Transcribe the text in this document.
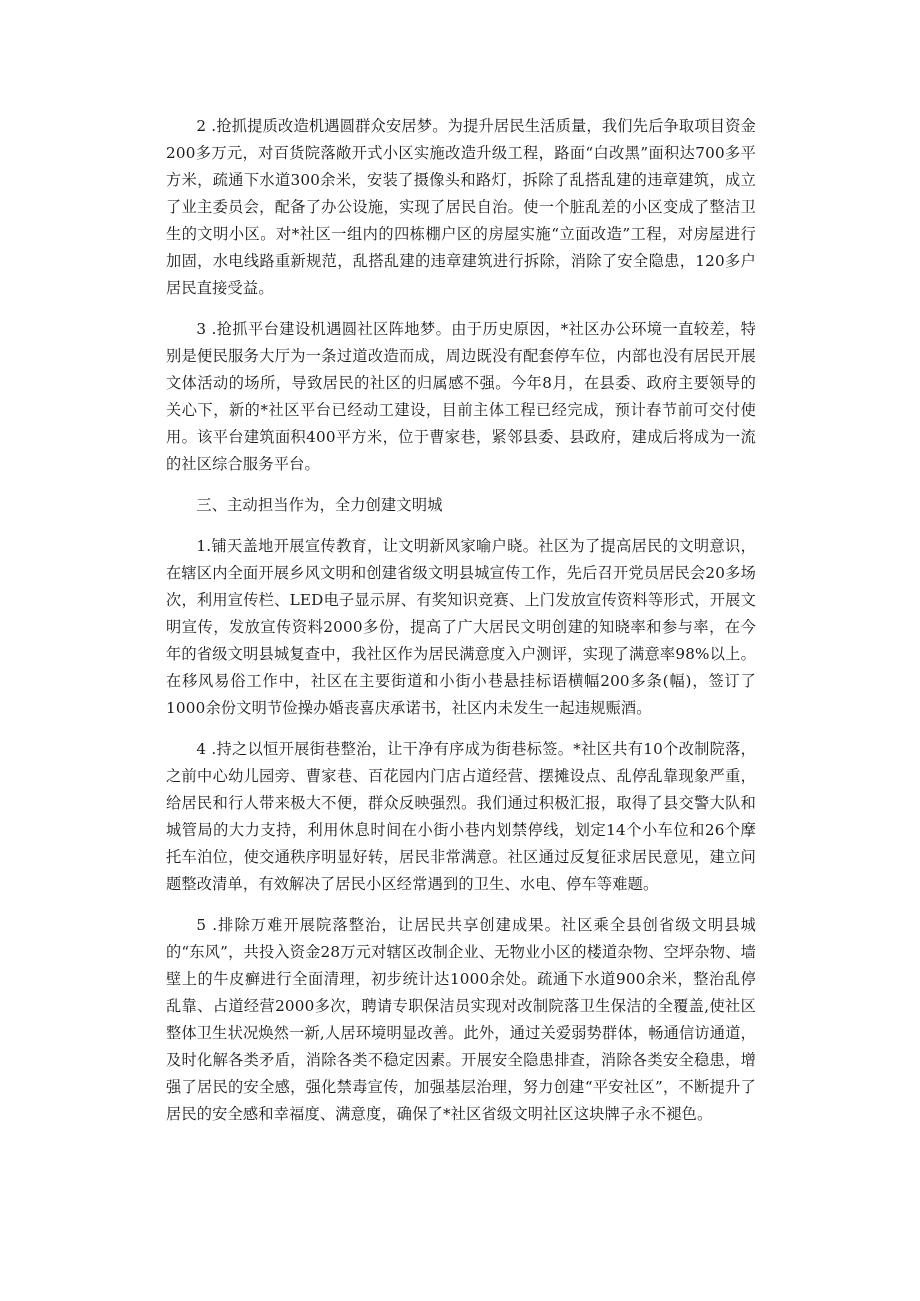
2 .抢抓提质改造机遇圆群众安居梦。为提升居民生活质量，我们先后争取项目资金200多万元，对百货院落敞开式小区实施改造升级工程，路面“白改黑”面积达700多平方米，疏通下水道300余米，安装了摄像头和路灯，拆除了乱搭乱建的违章建筑，成立了业主委员会，配备了办公设施，实现了居民自治。使一个脏乱差的小区变成了整洁卫生的文明小区。对*社区一组内的四栋棚户区的房屋实施“立面改造”工程，对房屋进行加固，水电线路重新规范，乱搭乱建的违章建筑进行拆除，消除了安全隐患，120多户居民直接受益。

3 .抢抓平台建设机遇圆社区阵地梦。由于历史原因，*社区办公环境一直较差，特别是便民服务大厅为一条过道改造而成，周边既没有配套停车位，内部也没有居民开展文体活动的场所，导致居民的社区的归属感不强。今年8月，在县委、政府主要领导的关心下，新的*社区平台已经动工建设，目前主体工程已经完成，预计春节前可交付使用。该平台建筑面积400平方米，位于曹家巷，紧邻县委、县政府，建成后将成为一流的社区综合服务平台。

三、主动担当作为，全力创建文明城

1.铺天盖地开展宣传教育，让文明新风家喻户晓。社区为了提高居民的文明意识，在辖区内全面开展乡风文明和创建省级文明县城宣传工作，先后召开党员居民会20多场次，利用宣传栏、LED电子显示屏、有奖知识竞赛、上门发放宣传资料等形式，开展文明宣传，发放宣传资料2000多份，提高了广大居民文明创建的知晓率和参与率，在今年的省级文明县城复查中，我社区作为居民满意度入户测评，实现了满意率98%以上。在移风易俗工作中，社区在主要街道和小街小巷悬挂标语横幅200多条(幅)，签订了1000余份文明节俭操办婚丧喜庆承诺书，社区内未发生一起违规赈酒。

4 .持之以恒开展街巷整治，让干净有序成为街巷标签。*社区共有10个改制院落，之前中心幼儿园旁、曹家巷、百花园内门店占道经营、摆摊设点、乱停乱靠现象严重，给居民和行人带来极大不便，群众反映强烈。我们通过积极汇报，取得了县交警大队和城管局的大力支持，利用休息时间在小街小巷内划禁停线，划定14个小车位和26个摩托车泊位，使交通秩序明显好转，居民非常满意。社区通过反复征求居民意见，建立问题整改清单，有效解决了居民小区经常遇到的卫生、水电、停车等难题。

5 .排除万难开展院落整治，让居民共享创建成果。社区乘全县创省级文明县城的“东风”，共投入资金28万元对辖区改制企业、无物业小区的楼道杂物、空坪杂物、墙壁上的牛皮癣进行全面清理，初步统计达1000余处。疏通下水道900余米，整治乱停乱靠、占道经营2000多次，聘请专职保洁员实现对改制院落卫生保洁的全覆盖,使社区整体卫生状况焕然一新,人居环境明显改善。此外，通过关爱弱势群体，畅通信访通道，及时化解各类矛盾，消除各类不稳定因素。开展安全隐患排查，消除各类安全稳患，增强了居民的安全感，强化禁毒宣传，加强基层治理，努力创建“平安社区”，不断提升了居民的安全感和幸福度、满意度，确保了*社区省级文明社区这块牌子永不褪色。
